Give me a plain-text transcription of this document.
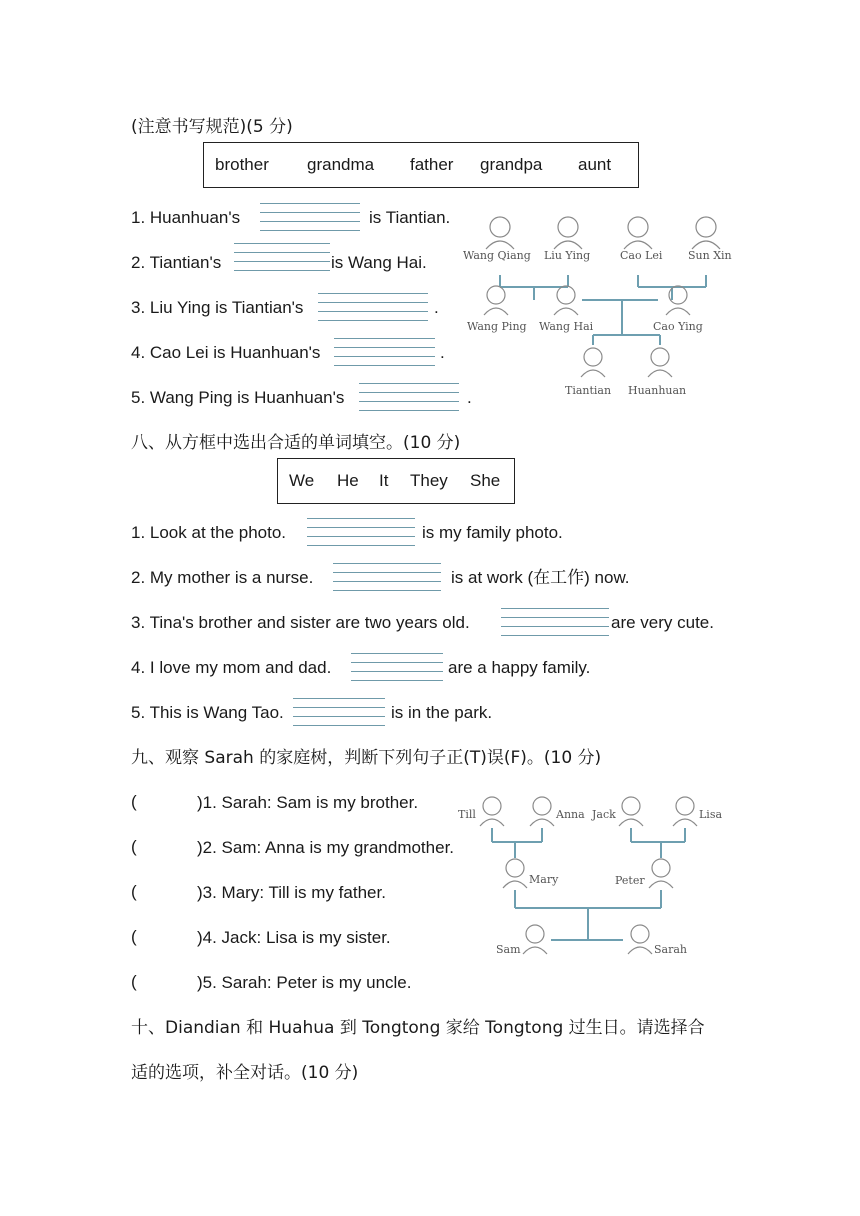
(注意书写规范)(5 分)
brother grandma father grandpa aunt
1. Huanhuan's	is Tiantian.
2. Tiantian's	is Wang Hai.
3. Liu Ying is Tiantian's	.
4. Cao Lei is Huanhuan's	.
5. Wang Ping is Huanhuan's	.
Wang Qiang Liu Ying	Cao Lei Sun Xin
Wang Ping Wang Hai	Cao Ying
Tiantian Huanhuan
八、从方框中选出合适的单词填空。(10 分)
We He It They She
1. Look at the photo.	is my family photo.
2. My mother is a nurse.	is at work (在工作) now.
3. Tina's brother and sister are two years old.	are very cute.
4. I love my mom and dad.	are a happy family.
5. This is Wang Tao.	is in the park.
九、观察 Sarah 的家庭树，判断下列句子正(T)误(F)。(10 分)
(	)1. Sarah: Sam is my brother.
(	)2. Sam: Anna is my grandmother.
(	)3. Mary: Till is my father.
(	)4. Jack: Lisa is my sister.
(	)5. Sarah: Peter is my uncle.
Till	Anna Jack	Lisa
Mary	Peter
Sam	Sarah
十、Diandian 和 Huahua 到 Tongtong 家给 Tongtong 过生日。请选择合
适的选项，补全对话。(10 分)
